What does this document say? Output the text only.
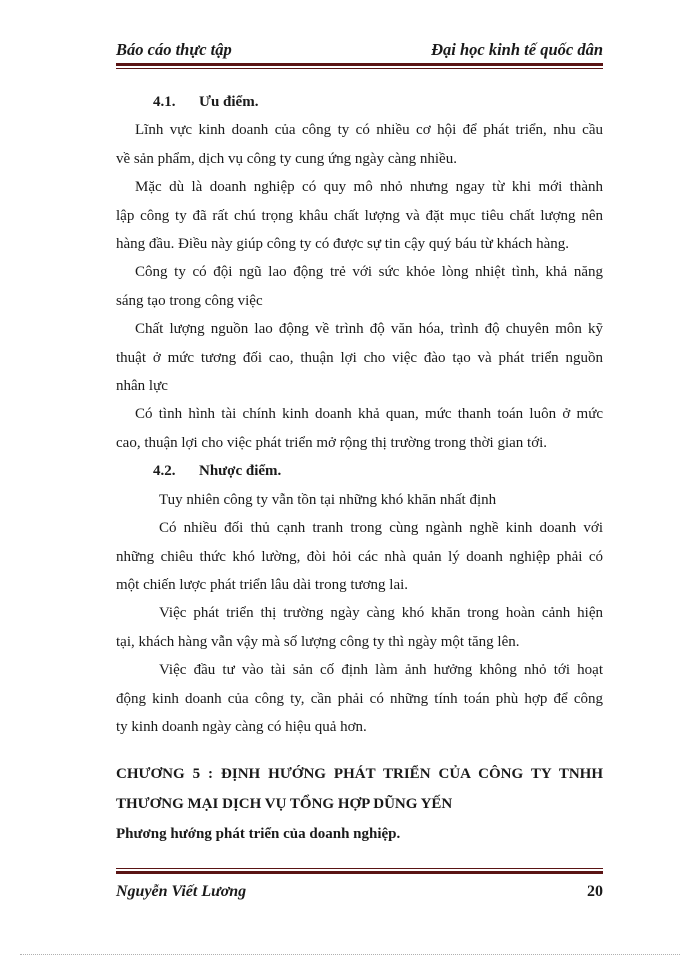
Báo cáo thực tập	Đại học kinh tế quốc dân
4.1. Ưu điểm.
Lĩnh vực kinh doanh của công ty có nhiều cơ hội để phát triển, nhu cầu
về sản phẩm, dịch vụ công ty cung ứng ngày càng nhiều.
Mặc dù là doanh nghiệp có quy mô nhỏ nhưng ngay từ khi mới thành
lập công ty đã rất chú trọng khâu chất lượng và đặt mục tiêu chất lượng nên
hàng đầu. Điều này giúp công ty có được sự tin cậy quý báu từ khách hàng.
Công ty có đội ngũ lao động trẻ với sức khỏe lòng nhiệt tình, khả năng
sáng tạo trong công việc
Chất lượng nguồn lao động về trình độ văn hóa, trình độ chuyên môn kỹ
thuật ở mức tương đối cao, thuận lợi cho việc đào tạo và phát triển nguồn
nhân lực
Có tình hình tài chính kinh doanh khả quan, mức thanh toán luôn ở mức
cao, thuận lợi cho việc phát triển mở rộng thị trường trong thời gian tới.
4.2. Nhược điểm.
Tuy nhiên công ty vẫn tồn tại những khó khăn nhất định
Có nhiều đối thủ cạnh tranh trong cùng ngành nghề kinh doanh với
những chiêu thức khó lường, đòi hỏi các nhà quản lý doanh nghiệp phải có
một chiến lược phát triển lâu dài trong tương lai.
Việc phát triển thị trường ngày càng khó khăn trong hoàn cảnh hiện
tại, khách hàng vẫn vậy mà số lượng công ty thì ngày một tăng lên.
Việc đầu tư vào tài sản cố định làm ảnh hưởng không nhỏ tới hoạt
động kinh doanh của công ty, cần phải có những tính toán phù hợp để công
ty kinh doanh ngày càng có hiệu quả hơn.
CHƯƠNG 5 : ĐỊNH HƯỚNG PHÁT TRIỂN CỦA CÔNG TY TNHH
THƯƠNG MẠI DỊCH VỤ TỔNG HỢP DŨNG YẾN
Phương hướng phát triển của doanh nghiệp.
Nguyễn Viết Lương	20
